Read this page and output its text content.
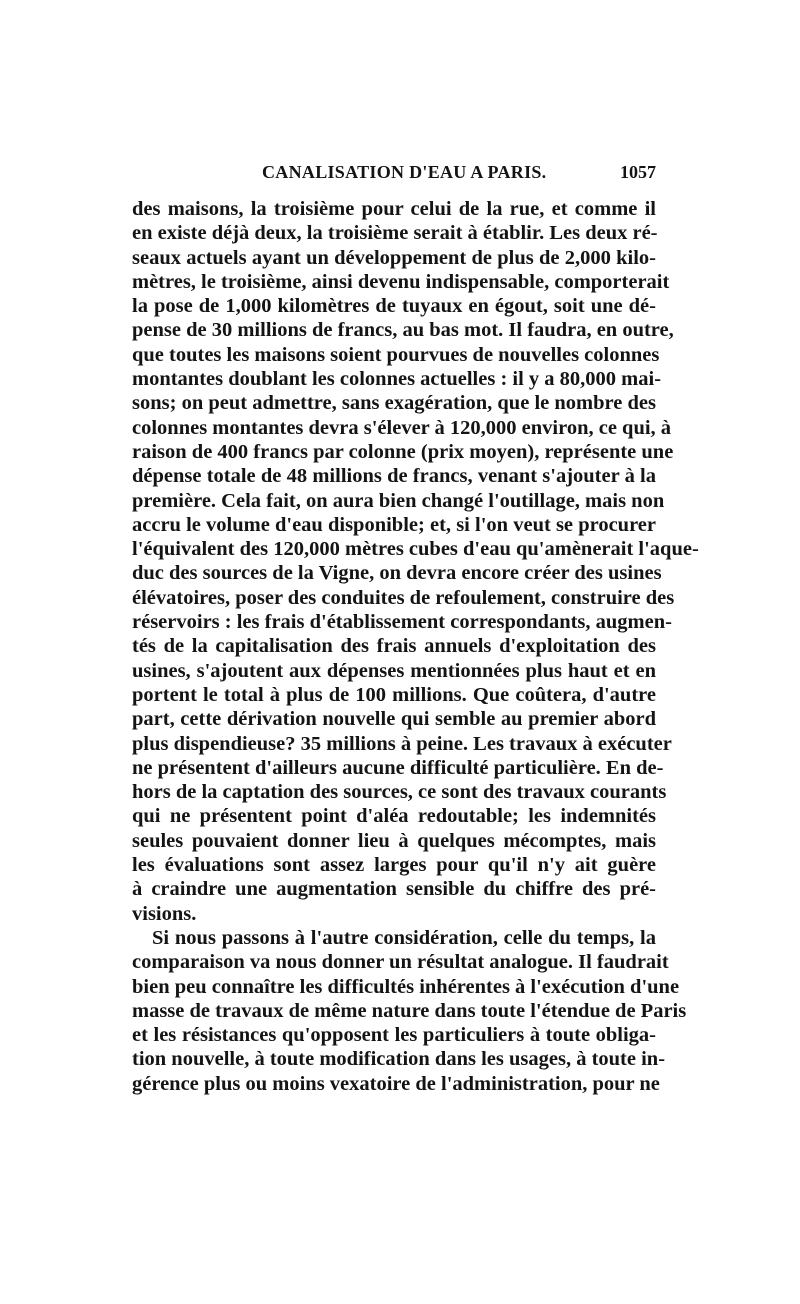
CANALISATION D'EAU A PARIS.	1057
des maisons, la troisième pour celui de la rue, et comme il
en existe déjà deux, la troisième serait à établir. Les deux ré-
seaux actuels ayant un développement de plus de 2,000 kilo-
mètres, le troisième, ainsi devenu indispensable, comporterait
la pose de 1,000 kilomètres de tuyaux en égout, soit une dé-
pense de 30 millions de francs, au bas mot. Il faudra, en outre,
que toutes les maisons soient pourvues de nouvelles colonnes
montantes doublant les colonnes actuelles : il y a 80,000 mai-
sons; on peut admettre, sans exagération, que le nombre des
colonnes montantes devra s'élever à 120,000 environ, ce qui, à
raison de 400 francs par colonne (prix moyen), représente une
dépense totale de 48 millions de francs, venant s'ajouter à la
première. Cela fait, on aura bien changé l'outillage, mais non
accru le volume d'eau disponible; et, si l'on veut se procurer
l'équivalent des 120,000 mètres cubes d'eau qu'amènerait l'aque-
duc des sources de la Vigne, on devra encore créer des usines
élévatoires, poser des conduites de refoulement, construire des
réservoirs : les frais d'établissement correspondants, augmen-
tés de la capitalisation des frais annuels d'exploitation des
usines, s'ajoutent aux dépenses mentionnées plus haut et en
portent le total à plus de 100 millions. Que coûtera, d'autre
part, cette dérivation nouvelle qui semble au premier abord
plus dispendieuse? 35 millions à peine. Les travaux à exécuter
ne présentent d'ailleurs aucune difficulté particulière. En de-
hors de la captation des sources, ce sont des travaux courants
qui ne présentent point d'aléa redoutable; les indemnités
seules pouvaient donner lieu à quelques mécomptes, mais
les évaluations sont assez larges pour qu'il n'y ait guère
à craindre une augmentation sensible du chiffre des pré-
visions.
Si nous passons à l'autre considération, celle du temps, la
comparaison va nous donner un résultat analogue. Il faudrait
bien peu connaître les difficultés inhérentes à l'exécution d'une
masse de travaux de même nature dans toute l'étendue de Paris
et les résistances qu'opposent les particuliers à toute obliga-
tion nouvelle, à toute modification dans les usages, à toute in-
gérence plus ou moins vexatoire de l'administration, pour ne
